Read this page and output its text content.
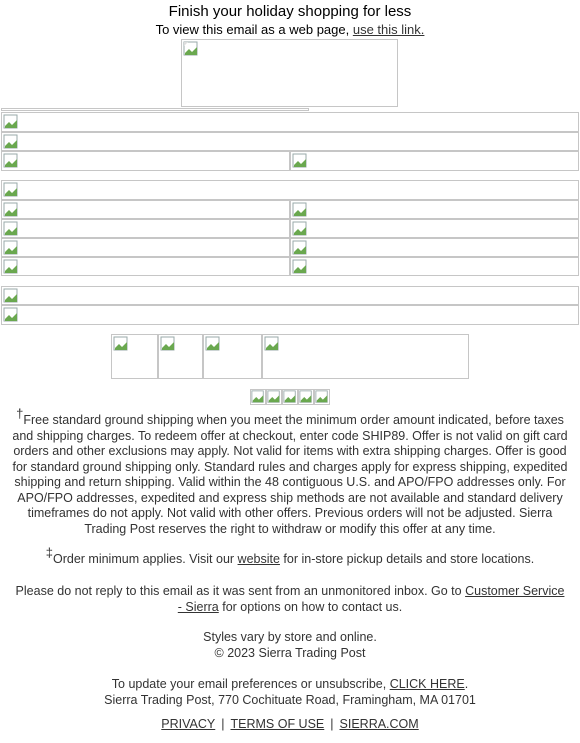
Finish your holiday shopping for less
To view this email as a web page, use this link.
†Free standard ground shipping when you meet the minimum order amount indicated, before taxes and shipping charges. To redeem offer at checkout, enter code SHIP89. Offer is not valid on gift card orders and other exclusions may apply. Not valid for items with extra shipping charges. Offer is good for standard ground shipping only. Standard rules and charges apply for express shipping, expedited shipping and return shipping. Valid within the 48 contiguous U.S. and APO/FPO addresses only. For APO/FPO addresses, expedited and express ship methods are not available and standard delivery timeframes do not apply. Not valid with other offers. Previous orders will not be adjusted. Sierra Trading Post reserves the right to withdraw or modify this offer at any time.
‡Order minimum applies. Visit our website for in-store pickup details and store locations.
Please do not reply to this email as it was sent from an unmonitored inbox. Go to Customer Service - Sierra for options on how to contact us.
Styles vary by store and online.
© 2023 Sierra Trading Post
To update your email preferences or unsubscribe, CLICK HERE.
Sierra Trading Post, 770 Cochituate Road, Framingham, MA 01701
PRIVACY | TERMS OF USE | SIERRA.COM
